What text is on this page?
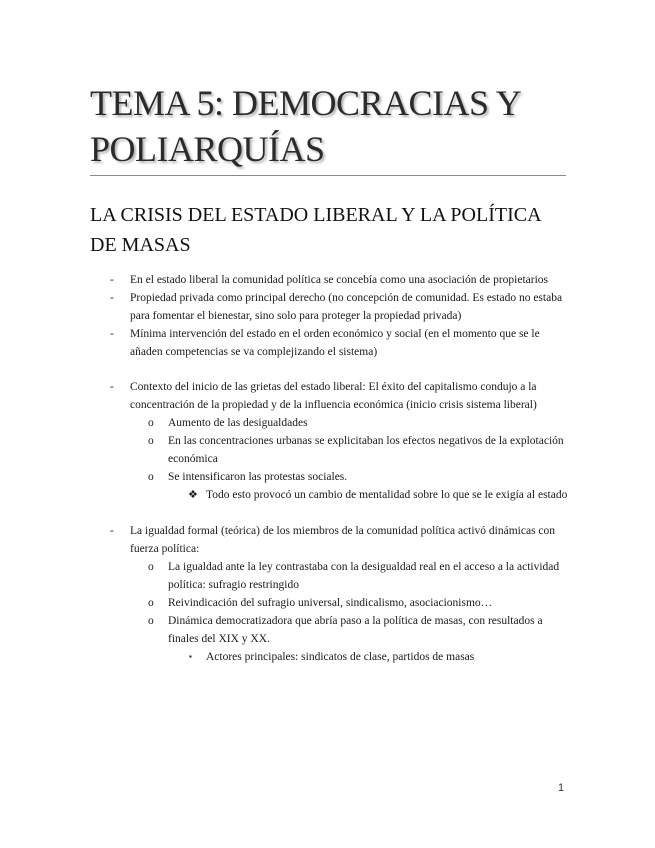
TEMA 5: DEMOCRACIAS Y POLIARQUÍAS
LA CRISIS DEL ESTADO LIBERAL Y LA POLÍTICA DE MASAS
-	En el estado liberal la comunidad política se concebía como una asociación de propietarios
-	Propiedad privada como principal derecho (no concepción de comunidad. Es estado no estaba para fomentar el bienestar, sino solo para proteger la propiedad privada)
-	Mínima intervención del estado en el orden económico y social (en el momento que se le añaden competencias se va complejizando el sistema)
-	Contexto del inicio de las grietas del estado liberal: El éxito del capitalismo condujo a la concentración de la propiedad y de la influencia económica (inicio crisis sistema liberal)
o	Aumento de las desigualdades
o	En las concentraciones urbanas se explicitaban los efectos negativos de la explotación económica
o	Se intensificaron las protestas sociales.
❖ Todo esto provocó un cambio de mentalidad sobre lo que se le exigía al estado
-	La igualdad formal (teórica) de los miembros de la comunidad política activó dinámicas con fuerza política:
o	La igualdad ante la ley contrastaba con la desigualdad real en el acceso a la actividad política: sufragio restringido
o	Reivindicación del sufragio universal, sindicalismo, asociacionismo…
o	Dinámica democratizadora que abría paso a la política de masas, con resultados a finales del XIX y XX.
▪	Actores principales: sindicatos de clase, partidos de masas
1
